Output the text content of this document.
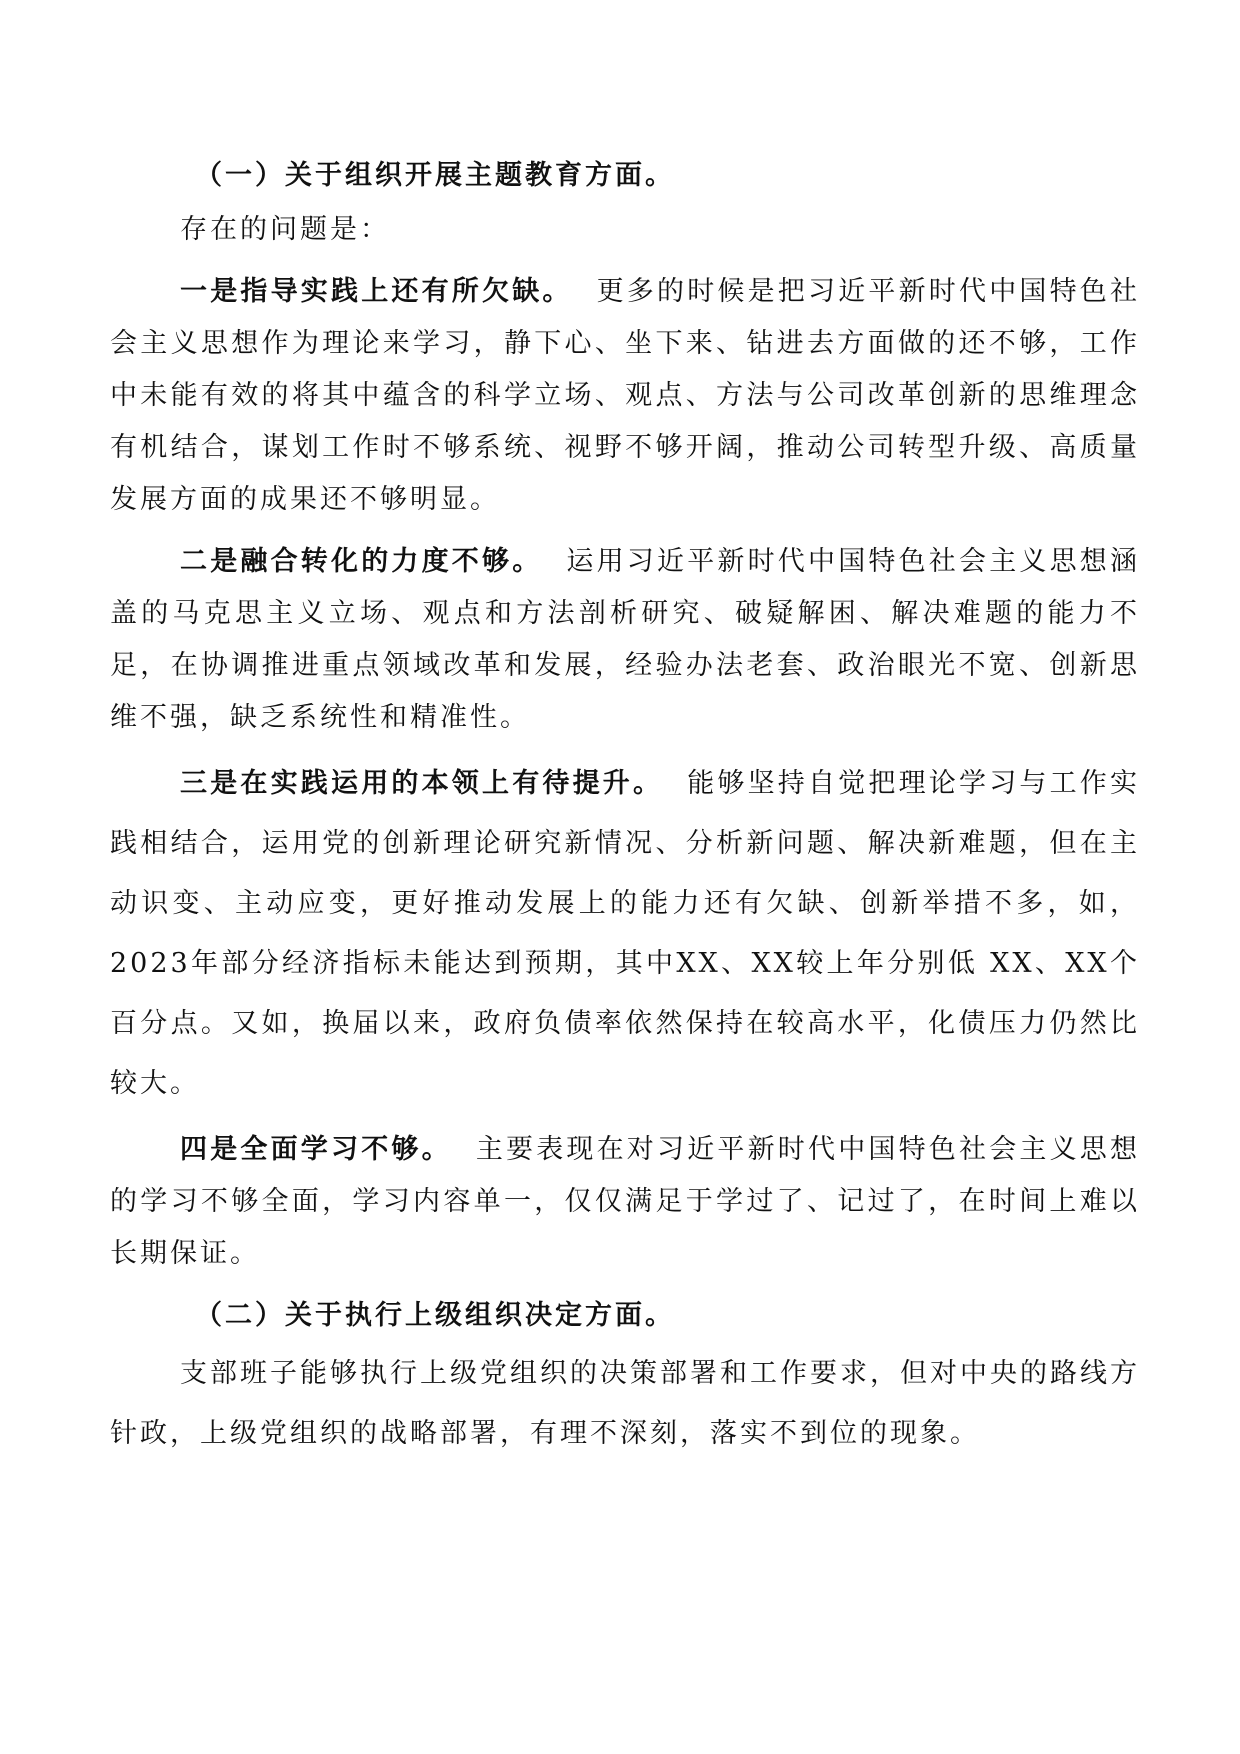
（一）关于组织开展主题教育方面。

存在的问题是：

一是指导实践上还有所欠缺。 更多的时候是把习近平新时代中国特色社会主义思想作为理论来学习，静下心、坐下来、钻进去方面做的还不够，工作中未能有效的将其中蕴含的科学立场、观点、方法与公司改革创新的思维理念有机结合，谋划工作时不够系统、视野不够开阔，推动公司转型升级、高质量发展方面的成果还不够明显。

二是融合转化的力度不够。 运用习近平新时代中国特色社会主义思想涵盖的马克思主义立场、观点和方法剖析研究、破疑解困、解决难题的能力不足，在协调推进重点领域改革和发展，经验办法老套、政治眼光不宽、创新思维不强，缺乏系统性和精准性。

三是在实践运用的本领上有待提升。 能够坚持自觉把理论学习与工作实践相结合，运用党的创新理论研究新情况、分析新问题、解决新难题，但在主动识变、主动应变，更好推动发展上的能力还有欠缺、创新举措不多，如，2023年部分经济指标未能达到预期，其中XX、XX较上年分别低 XX、XX个百分点。又如，换届以来，政府负债率依然保持在较高水平，化债压力仍然比较大。

四是全面学习不够。 主要表现在对习近平新时代中国特色社会主义思想的学习不够全面，学习内容单一，仅仅满足于学过了、记过了，在时间上难以长期保证。

（二）关于执行上级组织决定方面。

支部班子能够执行上级党组织的决策部署和工作要求，但对中央的路线方针政，上级党组织的战略部署，有理不深刻，落实不到位的现象。
